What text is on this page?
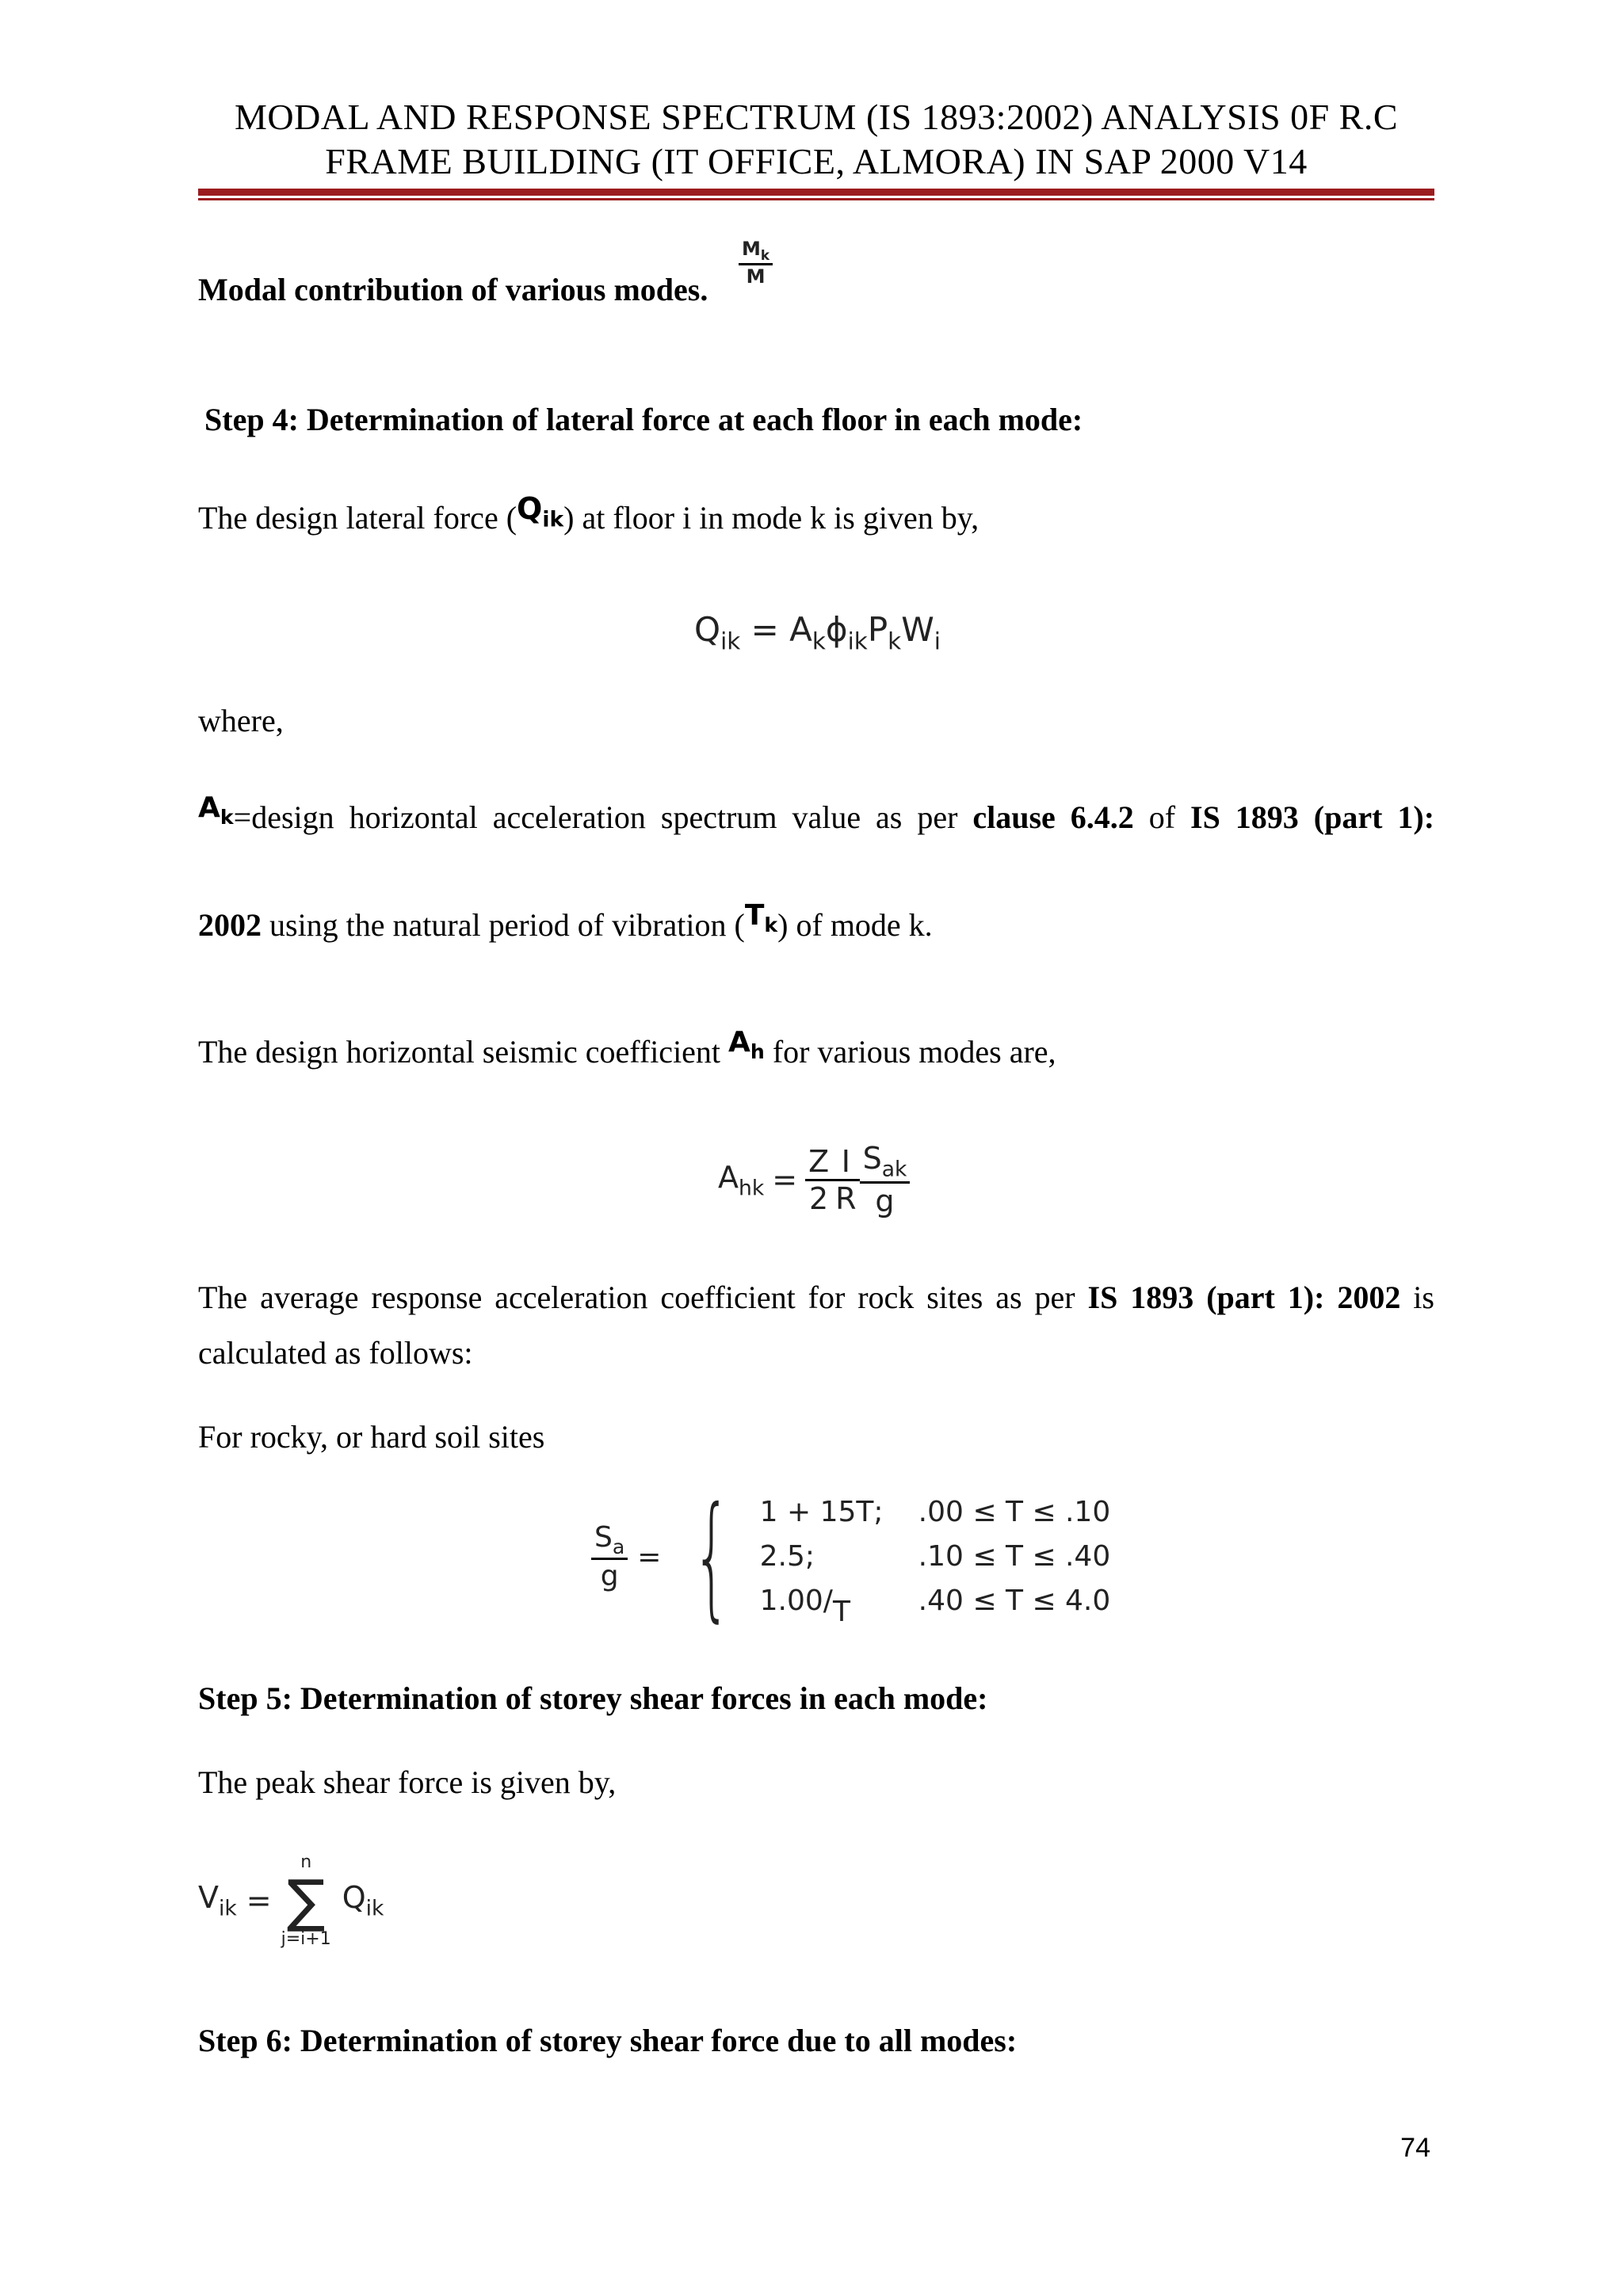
MODAL AND RESPONSE SPECTRUM (IS 1893:2002) ANALYSIS 0F R.C
FRAME BUILDING (IT OFFICE, ALMORA) IN SAP 2000 V14
Modal contribution of various modes.
$\frac{M_k}{M}$
Step 4: Determination of lateral force at each floor in each mode:
The design lateral force $(Q_{ik})$ at floor i in mode k is given by,
$Q_{ik} = A_k\phi_{ik}P_kW_i$
where,
$A_k=design$ horizontal acceleration spectrum value as per clause 6.4.2 of IS 1893 (part 1):
2002 using the natural period of vibration $(T_k)$ of mode k.
The design horizontal seismic coefficient $A_h$ for various modes are,
$A_{hk} = \frac{Z}{2} \frac{I}{R} \frac{S_{ak}}{g}$
The average response acceleration coefficient for rock sites as per IS 1893 (part 1): 2002 is
calculated as follows:
For rocky, or hard soil sites
$\frac{S_a}{g}$ = { 1 + 15T; .00 ≤ T ≤ .10
2.5;	.10 ≤ T ≤ .40
1.00/T .40 ≤ T ≤ 4.0
Step 5: Determination of storey shear forces in each mode:
The peak shear force is given by,
$V_{ik}$ =
n
∑
j=i+1
$Q_{ik}$
Step 6: Determination of storey shear force due to all modes:
74
